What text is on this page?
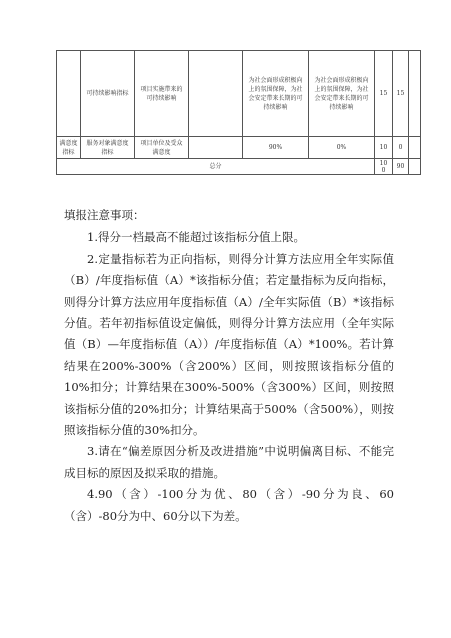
	可持续影响指标	项目实施带来的可持续影响		为社会面形成积极向上的氛围保障，为社会安定带来长期的可持续影响	为社会面形成积极向上的氛围保障，为社会安定带来长期的可持续影响	15	15	

满意度指标	服务对象满意度指标	项目单位及受众满意度		90%	0%	10	0	
总分						100	90	

填报注意事项：

1.得分一档最高不能超过该指标分值上限。

2.定量指标若为正向指标，则得分计算方法应用全年实际值（B）/年度指标值（A）*该指标分值；若定量指标为反向指标，则得分计算方法应用年度指标值（A）/全年实际值（B）*该指标分值。若年初指标值设定偏低，则得分计算方法应用（全年实际值（B）—年度指标值（A））/年度指标值（A）*100%。若计算结果在200%-300%（含200%）区间，则按照该指标分值的10%扣分；计算结果在300%-500%（含300%）区间，则按照该指标分值的20%扣分；计算结果高于500%（含500%），则按照该指标分值的30%扣分。

3.请在“偏差原因分析及改进措施”中说明偏离目标、不能完成目标的原因及拟采取的措施。

4.90（含）-100分为优、80（含）-90分为良、60（含）-80分为中、60分以下为差。
